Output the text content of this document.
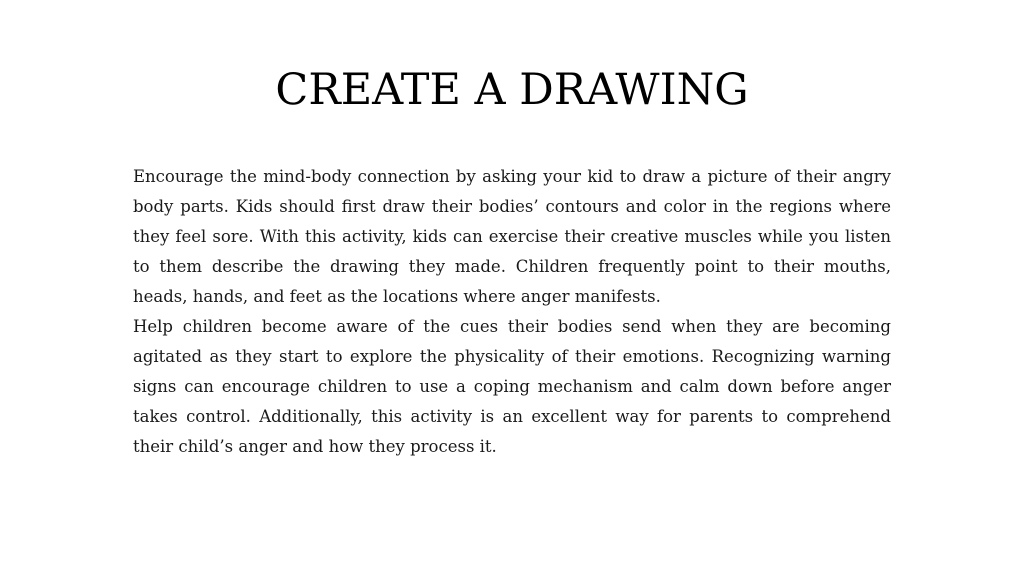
CREATE A DRAWING

Encourage the mind-body connection by asking your kid to draw a picture of their angry body parts. Kids should first draw their bodies’ contours and color in the regions where they feel sore. With this activity, kids can exercise their creative muscles while you listen to them describe the drawing they made. Children frequently point to their mouths, heads, hands, and feet as the locations where anger manifests.

Help children become aware of the cues their bodies send when they are becoming agitated as they start to explore the physicality of their emotions. Recognizing warning signs can encourage children to use a coping mechanism and calm down before anger takes control. Additionally, this activity is an excellent way for parents to comprehend their child’s anger and how they process it.
